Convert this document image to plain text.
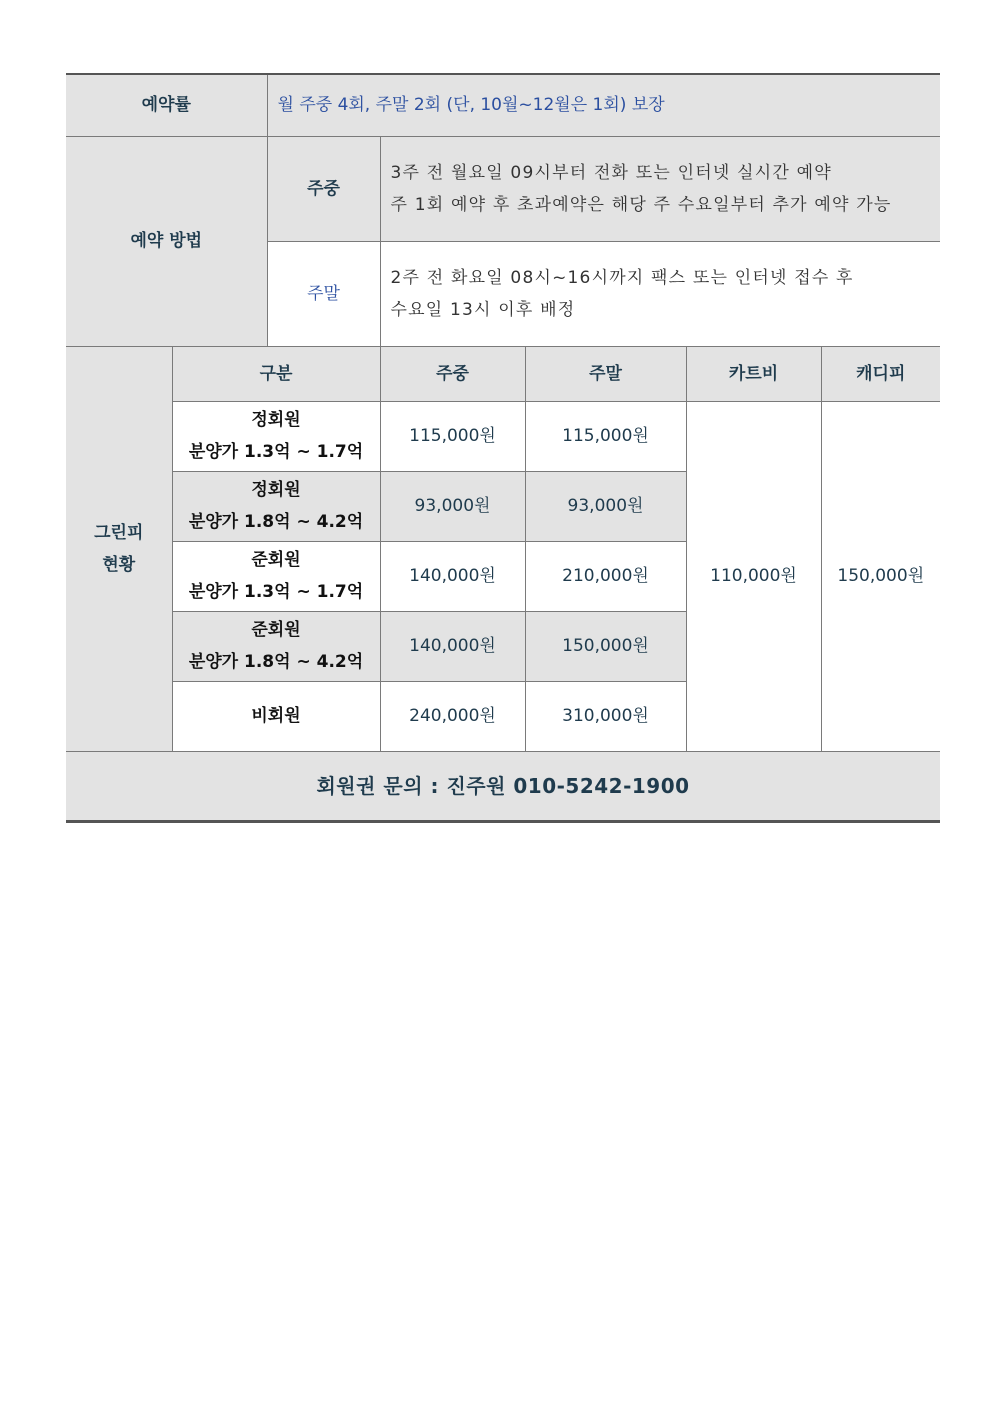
예약률		월 주중 4회, 주말 2회 (단, 10월~12월은 1회) 보장				
예약 방법		주중	3주 전 월요일 09시부터 전화 또는 인터넷 실시간 예약
주 1회 예약 후 초과예약은 해당 주 수요일부터 추가 예약 가능			

		주말	2주 전 화요일 08시~16시까지 팩스 또는 인터넷 접수 후
수요일 13시 이후 배정			

그린피
현황	구분		주중	주말	카트비	캐디피

	정회원
분양가 1.3억 ~ 1.7억		115,000원	115,000원	110,000원	150,000원

	정회원
분양가 1.8억 ~ 4.2억		93,000원	93,000원		

	준회원
분양가 1.3억 ~ 1.7억		140,000원	210,000원		

	준회원
분양가 1.8억 ~ 4.2억		140,000원	150,000원		

	비회원		240,000원	310,000원		
회원권 문의 : 진주원 010-5242-1900						
